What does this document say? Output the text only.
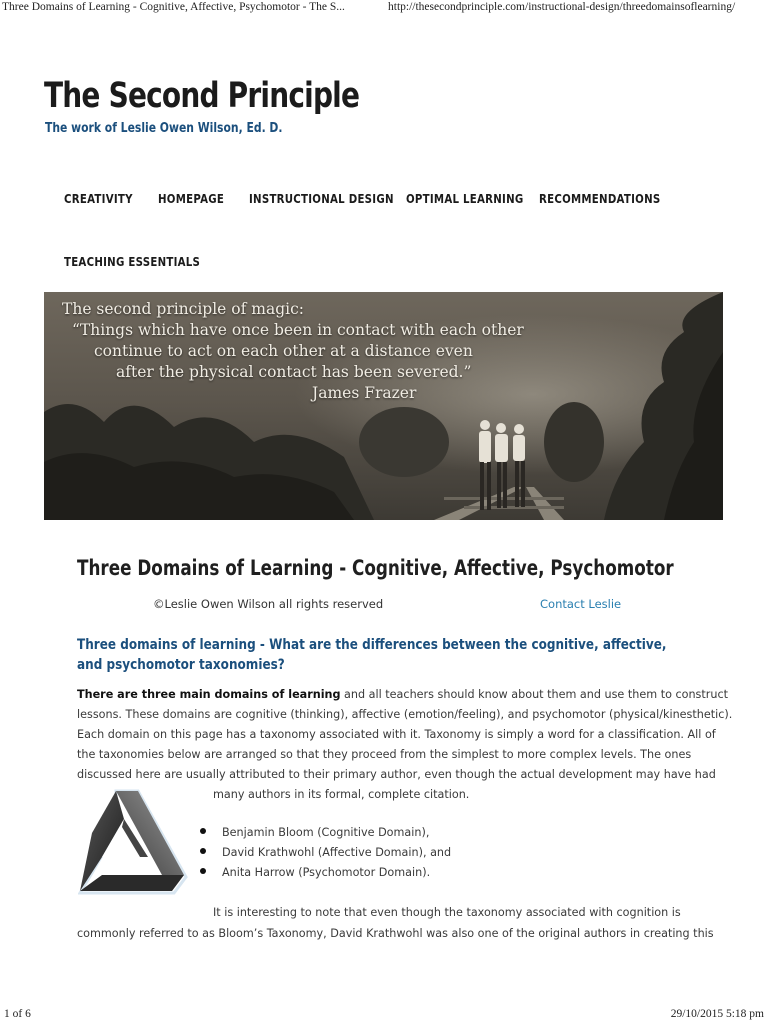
Three Domains of Learning - Cognitive, Affective, Psychomotor - The S...	http://thesecondprinciple.com/instructional-design/threedomainsoflearning/
The Second Principle
The work of Leslie Owen Wilson, Ed. D.
CREATIVITY HOMEPAGE INSTRUCTIONAL DESIGN OPTIMAL LEARNING RECOMMENDATIONS
TEACHING ESSENTIALS
The second principle of magic:
“Things which have once been in contact with each other
continue to act on each other at a distance even
after the physical contact has been severed.”
James Frazer
Three Domains of Learning - Cognitive, Affective, Psychomotor
©Leslie Owen Wilson all rights reserved	Contact Leslie
Three domains of learning - What are the differences between the cognitive, affective, and psychomotor taxonomies?
There are three main domains of learning and all teachers should know about them and use them to construct
lessons. These domains are cognitive (thinking), affective (emotion/feeling), and psychomotor (physical/kinesthetic).
Each domain on this page has a taxonomy associated with it. Taxonomy is simply a word for a classification. All of
the taxonomies below are arranged so that they proceed from the simplest to more complex levels. The ones
discussed here are usually attributed to their primary author, even though the actual development may have had
many authors in its formal, complete citation.
Benjamin Bloom (Cognitive Domain),
David Krathwohl (Affective Domain), and
Anita Harrow (Psychomotor Domain).
It is interesting to note that even though the taxonomy associated with cognition is
commonly referred to as Bloom’s Taxonomy, David Krathwohl was also one of the original authors in creating this
1 of 6	29/10/2015 5:18 pm
